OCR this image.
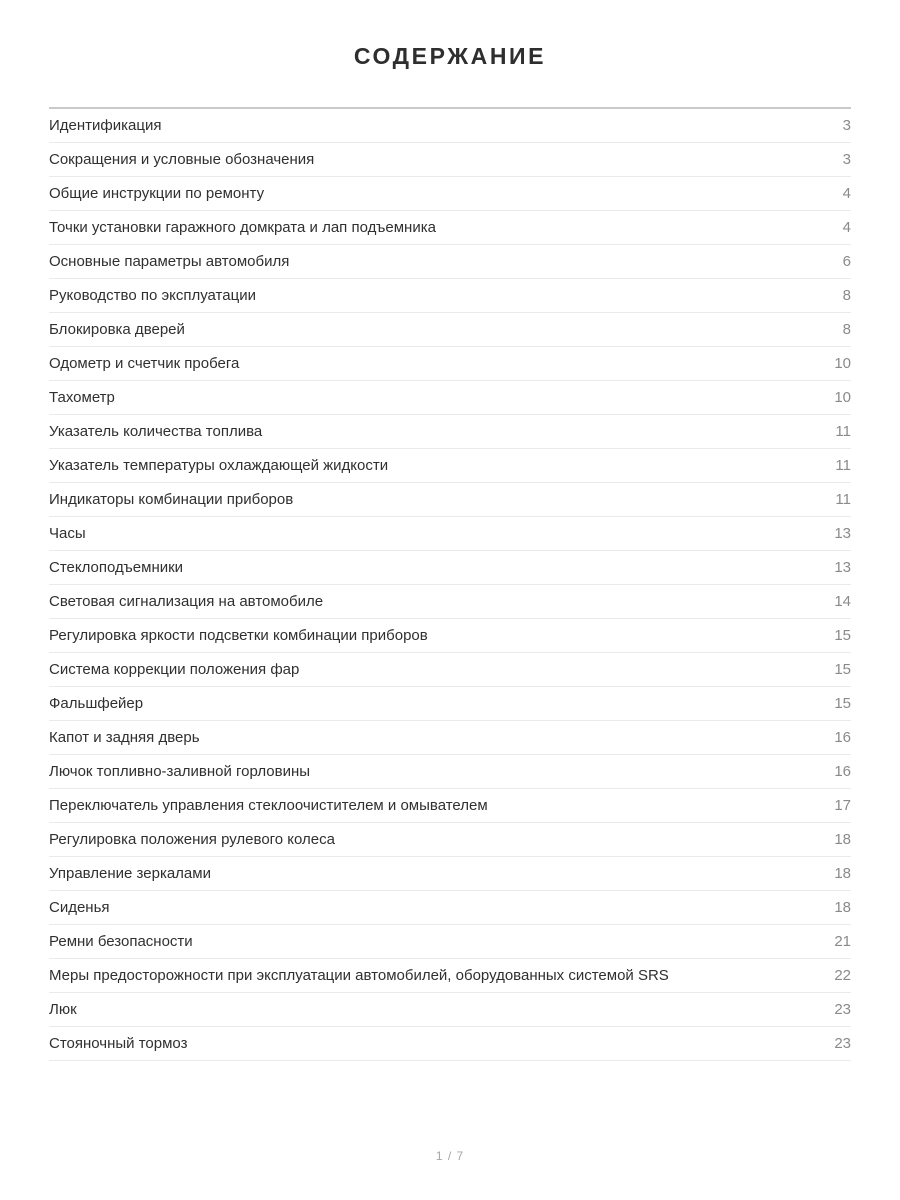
СОДЕРЖАНИЕ
Идентификация	3
Сокращения и условные обозначения	3
Общие инструкции по ремонту	4
Точки установки гаражного домкрата и лап подъемника	4
Основные параметры автомобиля	6
Руководство по эксплуатации	8
Блокировка дверей	8
Одометр и счетчик пробега	10
Тахометр	10
Указатель количества топлива	11
Указатель температуры охлаждающей жидкости	11
Индикаторы комбинации приборов	11
Часы	13
Стеклоподъемники	13
Световая сигнализация на автомобиле	14
Регулировка яркости подсветки комбинации приборов	15
Система коррекции положения фар	15
Фальшфейер	15
Капот и задняя дверь	16
Лючок топливно-заливной горловины	16
Переключатель управления стеклоочистителем и омывателем	17
Регулировка положения рулевого колеса	18
Управление зеркалами	18
Сиденья	18
Ремни безопасности	21
Меры предосторожности при эксплуатации автомобилей, оборудованных системой SRS	22
Люк	23
Стояночный тормоз	23
1 / 7
